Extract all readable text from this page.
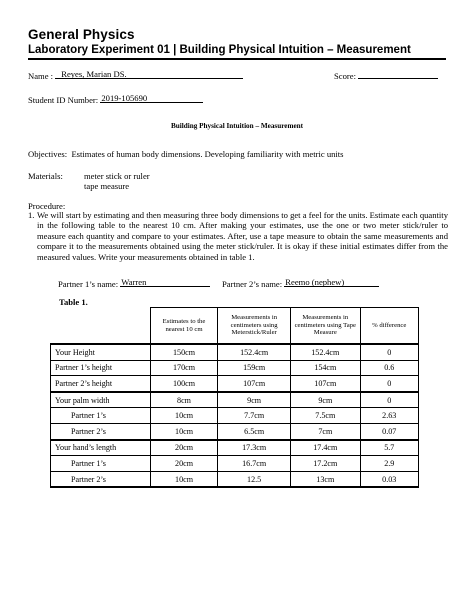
General Physics
Laboratory Experiment 01 | Building Physical Intuition – Measurement
Name : Reyes, Marian DS.	Score:
Student ID Number: 2019-105690
Building Physical Intuition – Measurement
Objectives: Estimates of human body dimensions. Developing familiarity with metric units
Materials: meter stick or ruler
tape measure
Procedure:
1. We will start by estimating and then measuring three body dimensions to get a feel for the units. Estimate each quantity in the following table to the nearest 10 cm. After making your estimates, use the one or two meter stick/ruler to measure each quantity and compare to your estimates. After, use a tape measure to obtain the same measurements and compare it to the measurements obtained using the meter stick/ruler. It is okay if these initial estimates differ from the measured values. Write your measurements obtained in table 1.
Partner 1’s name: Warren	Partner 2’s name: Reemo (nephew)
Table 1.
	Estimates to the nearest 10 cm	Measurements in centimeters using Meterstick/Ruler	Measurements in centimeters using Tape Measure	% difference
Your Height	150cm	152.4cm	152.4cm	0
Partner 1’s height	170cm	159cm	154cm	0.6
Partner 2’s height	100cm	107cm	107cm	0
Your palm width	8cm	9cm	9cm	0
Partner 1’s	10cm	7.7cm	7.5cm	2.63
Partner 2’s	10cm	6.5cm	7cm	0.07
Your hand’s length	20cm	17.3cm	17.4cm	5.7
Partner 1’s	20cm	16.7cm	17.2cm	2.9
Partner 2’s	10cm	12.5	13cm	0.03
